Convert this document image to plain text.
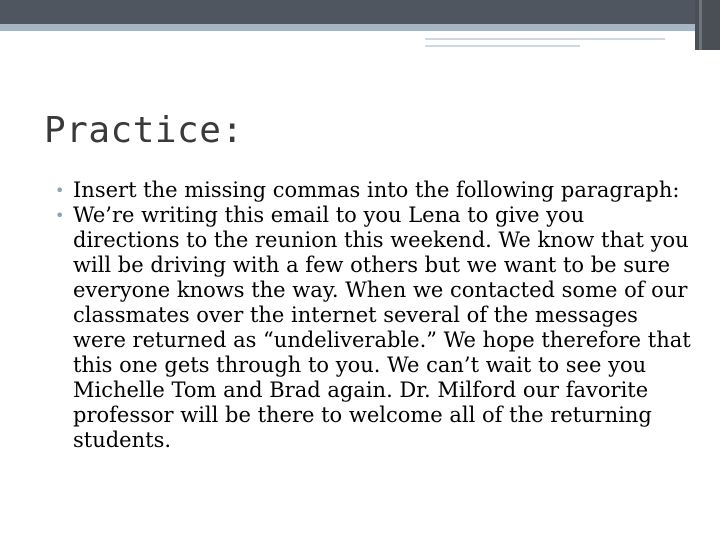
Practice:
• Insert the missing commas into the following paragraph:
• We’re writing this email to you Lena to give you directions to the reunion this weekend. We know that you will be driving with a few others but we want to be sure everyone knows the way. When we contacted some of our classmates over the internet several of the messages were returned as “undeliverable.” We hope therefore that this one gets through to you. We can’t wait to see you Michelle Tom and Brad again. Dr. Milford our favorite professor will be there to welcome all of the returning students.
